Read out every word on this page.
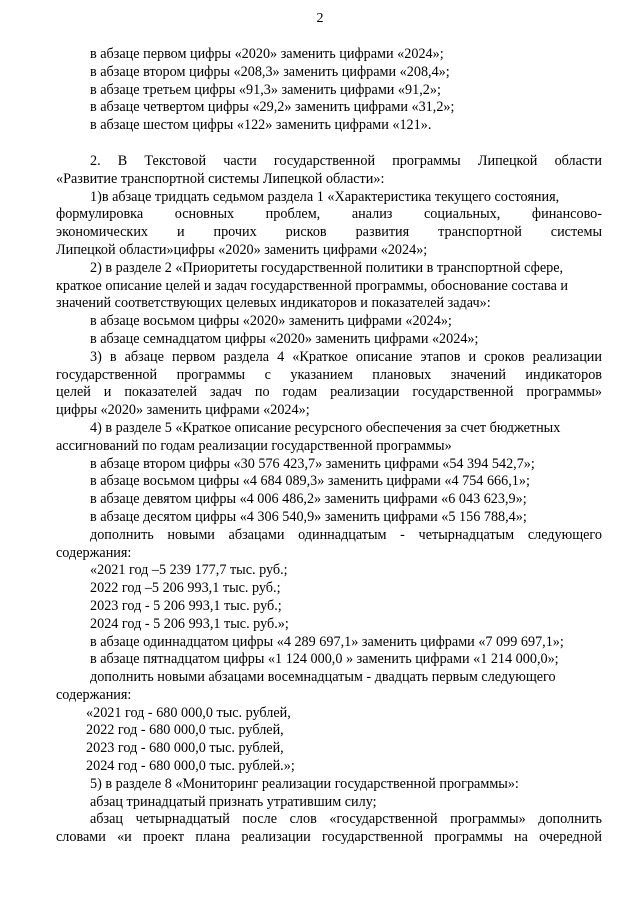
2
в абзаце первом цифры «2020» заменить цифрами «2024»;
в абзаце втором цифры «208,3» заменить цифрами «208,4»;
в абзаце третьем цифры «91,3» заменить цифрами «91,2»;
в абзаце четвертом цифры «29,2» заменить цифрами «31,2»;
в абзаце шестом цифры «122» заменить цифрами «121».
2. В Текстовой части государственной программы Липецкой области
«Развитие транспортной системы Липецкой области»:
1)в абзаце тридцать седьмом раздела 1 «Характеристика текущего состояния,
формулировка основных проблем, анализ социальных, финансово-
экономических и прочих рисков развития транспортной системы
Липецкой области»цифры «2020» заменить цифрами «2024»;
2) в разделе 2 «Приоритеты государственной политики в транспортной сфере,
краткое описание целей и задач государственной программы, обоснование состава и
значений соответствующих целевых индикаторов и показателей задач»:
в абзаце восьмом цифры «2020» заменить цифрами «2024»;
в абзаце семнадцатом цифры «2020» заменить цифрами «2024»;
3) в абзаце первом раздела 4 «Краткое описание этапов и сроков реализации
государственной программы с указанием плановых значений индикаторов
целей и показателей задач по годам реализации государственной программы»
цифры «2020» заменить цифрами «2024»;
4) в разделе 5 «Краткое описание ресурсного обеспечения за счет бюджетных
ассигнований по годам реализации государственной программы»
в абзаце втором цифры «30 576 423,7» заменить цифрами «54 394 542,7»;
в абзаце восьмом цифры «4 684 089,3» заменить цифрами «4 754 666,1»;
в абзаце девятом цифры «4 006 486,2» заменить цифрами «6 043 623,9»;
в абзаце десятом цифры «4 306 540,9» заменить цифрами «5 156 788,4»;
дополнить новыми абзацами одиннадцатым - четырнадцатым следующего
содержания:
«2021 год –5 239 177,7 тыс. руб.;
2022 год –5 206 993,1 тыс. руб.;
2023 год - 5 206 993,1 тыс. руб.;
2024 год - 5 206 993,1 тыс. руб.»;
в абзаце одиннадцатом цифры «4 289 697,1» заменить цифрами «7 099 697,1»;
в абзаце пятнадцатом цифры «1 124 000,0 » заменить цифрами «1 214 000,0»;
дополнить новыми абзацами восемнадцатым - двадцать первым следующего
содержания:
«2021 год - 680 000,0 тыс. рублей,
2022 год - 680 000,0 тыс. рублей,
2023 год - 680 000,0 тыс. рублей,
2024 год - 680 000,0 тыс. рублей.»;
5) в разделе 8 «Мониторинг реализации государственной программы»:
абзац тринадцатый признать утратившим силу;
абзац четырнадцатый после слов «государственной программы» дополнить
словами «и проект плана реализации государственной программы на очередной
